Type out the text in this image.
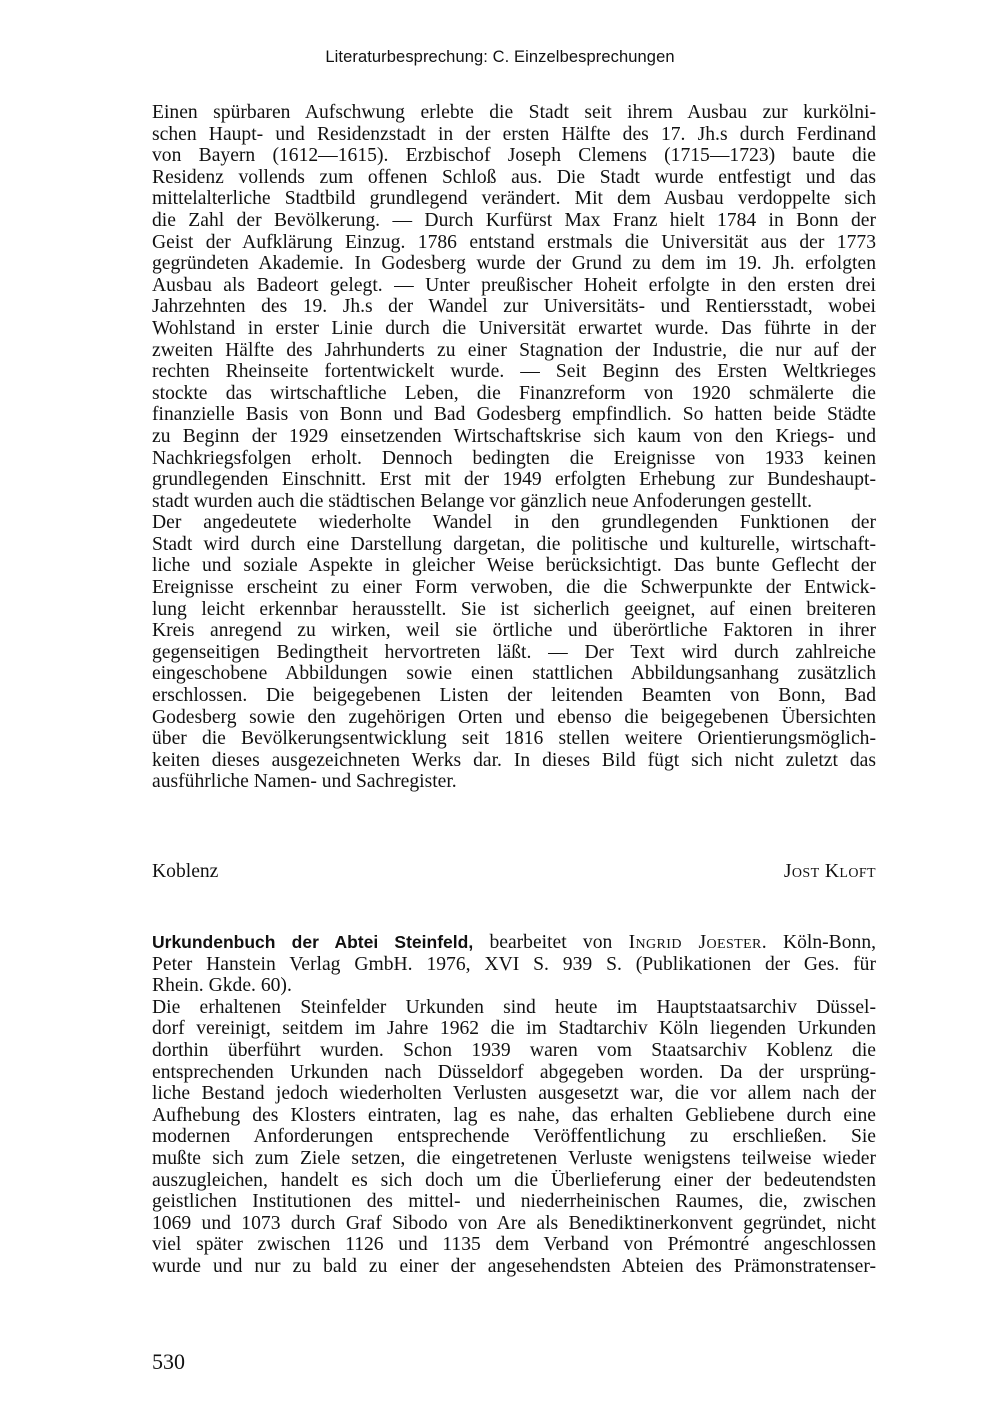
Literaturbesprechung: C. Einzelbesprechungen
Einen spürbaren Aufschwung erlebte die Stadt seit ihrem Ausbau zur kurkölni-
schen Haupt- und Residenzstadt in der ersten Hälfte des 17. Jh.s durch Ferdinand
von Bayern (1612—1615). Erzbischof Joseph Clemens (1715—1723) baute die
Residenz vollends zum offenen Schloß aus. Die Stadt wurde entfestigt und das
mittelalterliche Stadtbild grundlegend verändert. Mit dem Ausbau verdoppelte sich
die Zahl der Bevölkerung. — Durch Kurfürst Max Franz hielt 1784 in Bonn der
Geist der Aufklärung Einzug. 1786 entstand erstmals die Universität aus der 1773
gegründeten Akademie. In Godesberg wurde der Grund zu dem im 19. Jh. erfolgten
Ausbau als Badeort gelegt. — Unter preußischer Hoheit erfolgte in den ersten drei
Jahrzehnten des 19. Jh.s der Wandel zur Universitäts- und Rentiersstadt, wobei
Wohlstand in erster Linie durch die Universität erwartet wurde. Das führte in der
zweiten Hälfte des Jahrhunderts zu einer Stagnation der Industrie, die nur auf der
rechten Rheinseite fortentwickelt wurde. — Seit Beginn des Ersten Weltkrieges
stockte das wirtschaftliche Leben, die Finanzreform von 1920 schmälerte die
finanzielle Basis von Bonn und Bad Godesberg empfindlich. So hatten beide Städte
zu Beginn der 1929 einsetzenden Wirtschaftskrise sich kaum von den Kriegs- und
Nachkriegsfolgen erholt. Dennoch bedingten die Ereignisse von 1933 keinen
grundlegenden Einschnitt. Erst mit der 1949 erfolgten Erhebung zur Bundeshaupt-
stadt wurden auch die städtischen Belange vor gänzlich neue Anfoderungen gestellt.
Der angedeutete wiederholte Wandel in den grundlegenden Funktionen der
Stadt wird durch eine Darstellung dargetan, die politische und kulturelle, wirtschaft-
liche und soziale Aspekte in gleicher Weise berücksichtigt. Das bunte Geflecht der
Ereignisse erscheint zu einer Form verwoben, die die Schwerpunkte der Entwick-
lung leicht erkennbar herausstellt. Sie ist sicherlich geeignet, auf einen breiteren
Kreis anregend zu wirken, weil sie örtliche und überörtliche Faktoren in ihrer
gegenseitigen Bedingtheit hervortreten läßt. — Der Text wird durch zahlreiche
eingeschobene Abbildungen sowie einen stattlichen Abbildungsanhang zusätzlich
erschlossen. Die beigegebenen Listen der leitenden Beamten von Bonn, Bad
Godesberg sowie den zugehörigen Orten und ebenso die beigegebenen Übersichten
über die Bevölkerungsentwicklung seit 1816 stellen weitere Orientierungsmöglich-
keiten dieses ausgezeichneten Werks dar. In dieses Bild fügt sich nicht zuletzt das
ausführliche Namen- und Sachregister.
Koblenz	Jost Kloft
Urkundenbuch der Abtei Steinfeld, bearbeitet von Ingrid Joester. Köln-Bonn,
Peter Hanstein Verlag GmbH. 1976, XVI S. 939 S. (Publikationen der Ges. für
Rhein. Gkde. 60).
Die erhaltenen Steinfelder Urkunden sind heute im Hauptstaatsarchiv Düssel-
dorf vereinigt, seitdem im Jahre 1962 die im Stadtarchiv Köln liegenden Urkunden
dorthin überführt wurden. Schon 1939 waren vom Staatsarchiv Koblenz die
entsprechenden Urkunden nach Düsseldorf abgegeben worden. Da der ursprüng-
liche Bestand jedoch wiederholten Verlusten ausgesetzt war, die vor allem nach der
Aufhebung des Klosters eintraten, lag es nahe, das erhalten Gebliebene durch eine
modernen Anforderungen entsprechende Veröffentlichung zu erschließen. Sie
mußte sich zum Ziele setzen, die eingetretenen Verluste wenigstens teilweise wieder
auszugleichen, handelt es sich doch um die Überlieferung einer der bedeutendsten
geistlichen Institutionen des mittel- und niederrheinischen Raumes, die, zwischen
1069 und 1073 durch Graf Sibodo von Are als Benediktinerkonvent gegründet, nicht
viel später zwischen 1126 und 1135 dem Verband von Prémontré angeschlossen
wurde und nur zu bald zu einer der angesehendsten Abteien des Prämonstratenser-
530
